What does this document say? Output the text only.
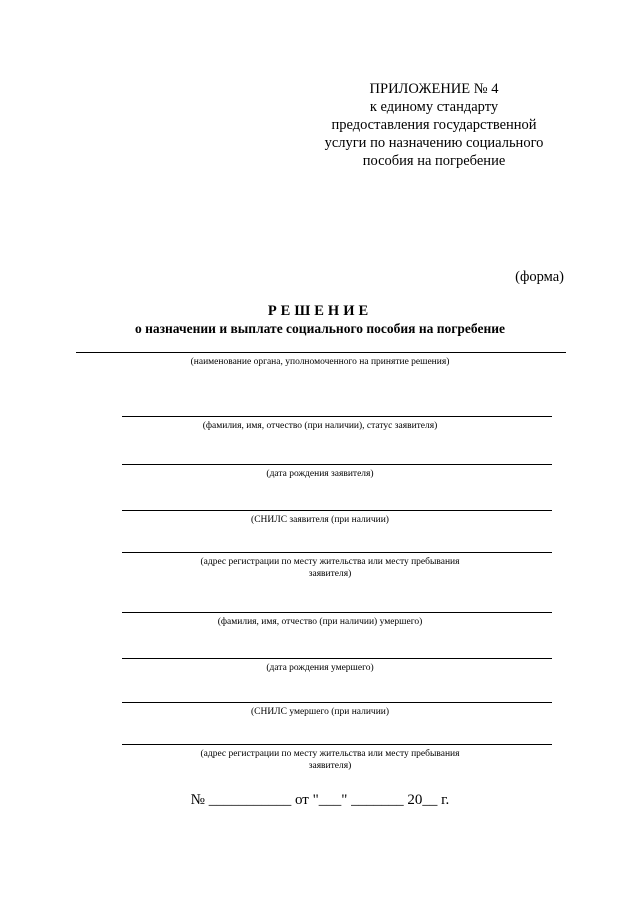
ПРИЛОЖЕНИЕ № 4
к единому стандарту
предоставления государственной
услуги по назначению социального
пособия на погребение
(форма)
РЕШЕНИЕ
о назначении и выплате социального пособия на погребение
(наименование органа, уполномоченного на принятие решения)
(фамилия, имя, отчество (при наличии), статус заявителя)
(дата рождения заявителя)
(СНИЛС заявителя (при наличии)
(адрес регистрации по месту жительства или месту пребывания заявителя)
(фамилия, имя, отчество (при наличии) умершего)
(дата рождения умершего)
(СНИЛС умершего (при наличии)
(адрес регистрации по месту жительства или месту пребывания заявителя)
№ ___________ от "___" _______ 20__ г.
